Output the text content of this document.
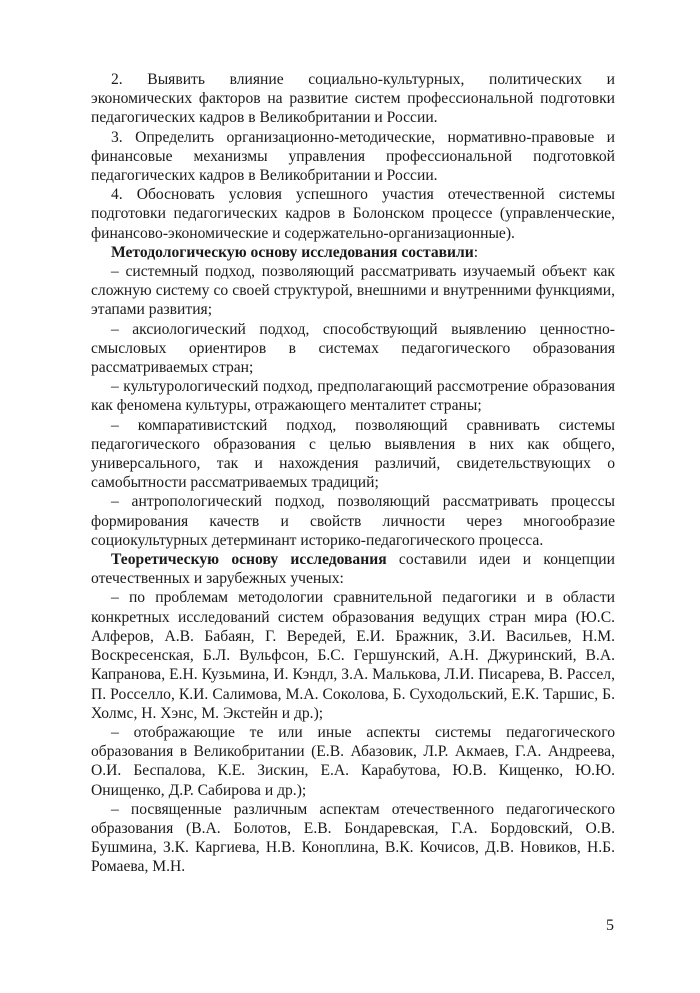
2. Выявить влияние социально-культурных, политических и экономических факторов на развитие систем профессиональной подготовки педагогических кадров в Великобритании и России.

3. Определить организационно-методические, нормативно-правовые и финансовые механизмы управления профессиональной подготовкой педагогических кадров в Великобритании и России.

4. Обосновать условия успешного участия отечественной системы подготовки педагогических кадров в Болонском процессе (управленческие, финансово-экономические и содержательно-организационные).

Методологическую основу исследования составили:

– системный подход, позволяющий рассматривать изучаемый объект как сложную систему со своей структурой, внешними и внутренними функциями, этапами развития;

– аксиологический подход, способствующий выявлению ценностно-смысловых ориентиров в системах педагогического образования рассматриваемых стран;

– культурологический подход, предполагающий рассмотрение образования как феномена культуры, отражающего менталитет страны;

– компаративистский подход, позволяющий сравнивать системы педагогического образования с целью выявления в них как общего, универсального, так и нахождения различий, свидетельствующих о самобытности рассматриваемых традиций;

– антропологический подход, позволяющий рассматривать процессы формирования качеств и свойств личности через многообразие социокультурных детерминант историко-педагогического процесса.

Теоретическую основу исследования составили идеи и концепции отечественных и зарубежных ученых:

– по проблемам методологии сравнительной педагогики и в области конкретных исследований систем образования ведущих стран мира (Ю.С. Алферов, А.В. Бабаян, Г. Beредей, Е.И. Бражник, З.И. Васильев, Н.М. Воскресенская, Б.Л. Вульфсон, Б.С. Гершунский, А.Н. Джуринский, В.А. Капранова, Е.Н. Кузьмина, И. Кэндл, З.А. Малькова, Л.И. Писарева, В. Рассел, П. Росселло, К.И. Салимова, М.А. Соколова, Б. Суходольский, Е.К. Таршис, Б. Холмс, Н. Хэнс, М. Экстейн и др.);

– отображающие те или иные аспекты системы педагогического образования в Великобритании (Е.В. Абазовик, Л.Р. Акмаев, Г.А. Андреева, О.И. Беспалова, К.Е. Зискин, Е.А. Карабутова, Ю.В. Кищенко, Ю.Ю. Онищенко, Д.Р. Сабирова и др.);

– посвященные различным аспектам отечественного педагогического образования (В.А. Болотов, Е.В. Бондаревская, Г.А. Бордовский, О.В. Бушмина, З.К. Каргиева, Н.В. Коноплина, В.К. Кочисов, Д.В. Новиков, Н.Б. Ромаева, М.Н.

5
